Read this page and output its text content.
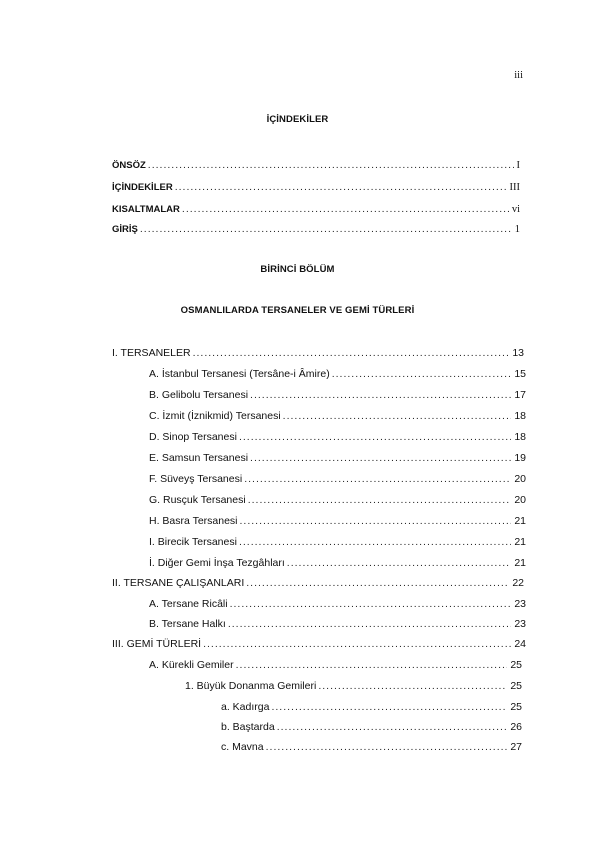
iii
İÇİNDEKİLER
ÖNSÖZ .....	I
İÇİNDEKİLER .....	III
KISALTMALAR .....	vi
GİRİŞ .....	1
BİRİNCİ BÖLÜM
OSMANLILARDA TERSANELER VE GEMİ TÜRLERİ
I. TERSANELER .....	13
A. İstanbul Tersanesi (Tersâne-i Âmire) .....	15
B. Gelibolu Tersanesi .....	17
C. İzmit (İznikmid) Tersanesi .....	18
D. Sinop Tersanesi .....	18
E. Samsun Tersanesi .....	19
F. Süveyş Tersanesi .....	20
G. Rusçuk Tersanesi .....	20
H. Basra Tersanesi .....	21
I. Birecik Tersanesi .....	21
İ. Diğer Gemi İnşa Tezgâhları .....	21
II. TERSANE ÇALIŞANLARI .....	22
A. Tersane Ricâli .....	23
B. Tersane Halkı .....	23
III. GEMİ TÜRLERİ .....	24
A. Kürekli Gemiler .....	25
1. Büyük Donanma Gemileri .....	25
a. Kadırga .....	25
b. Baştarda .....	26
c. Mavna .....	27
